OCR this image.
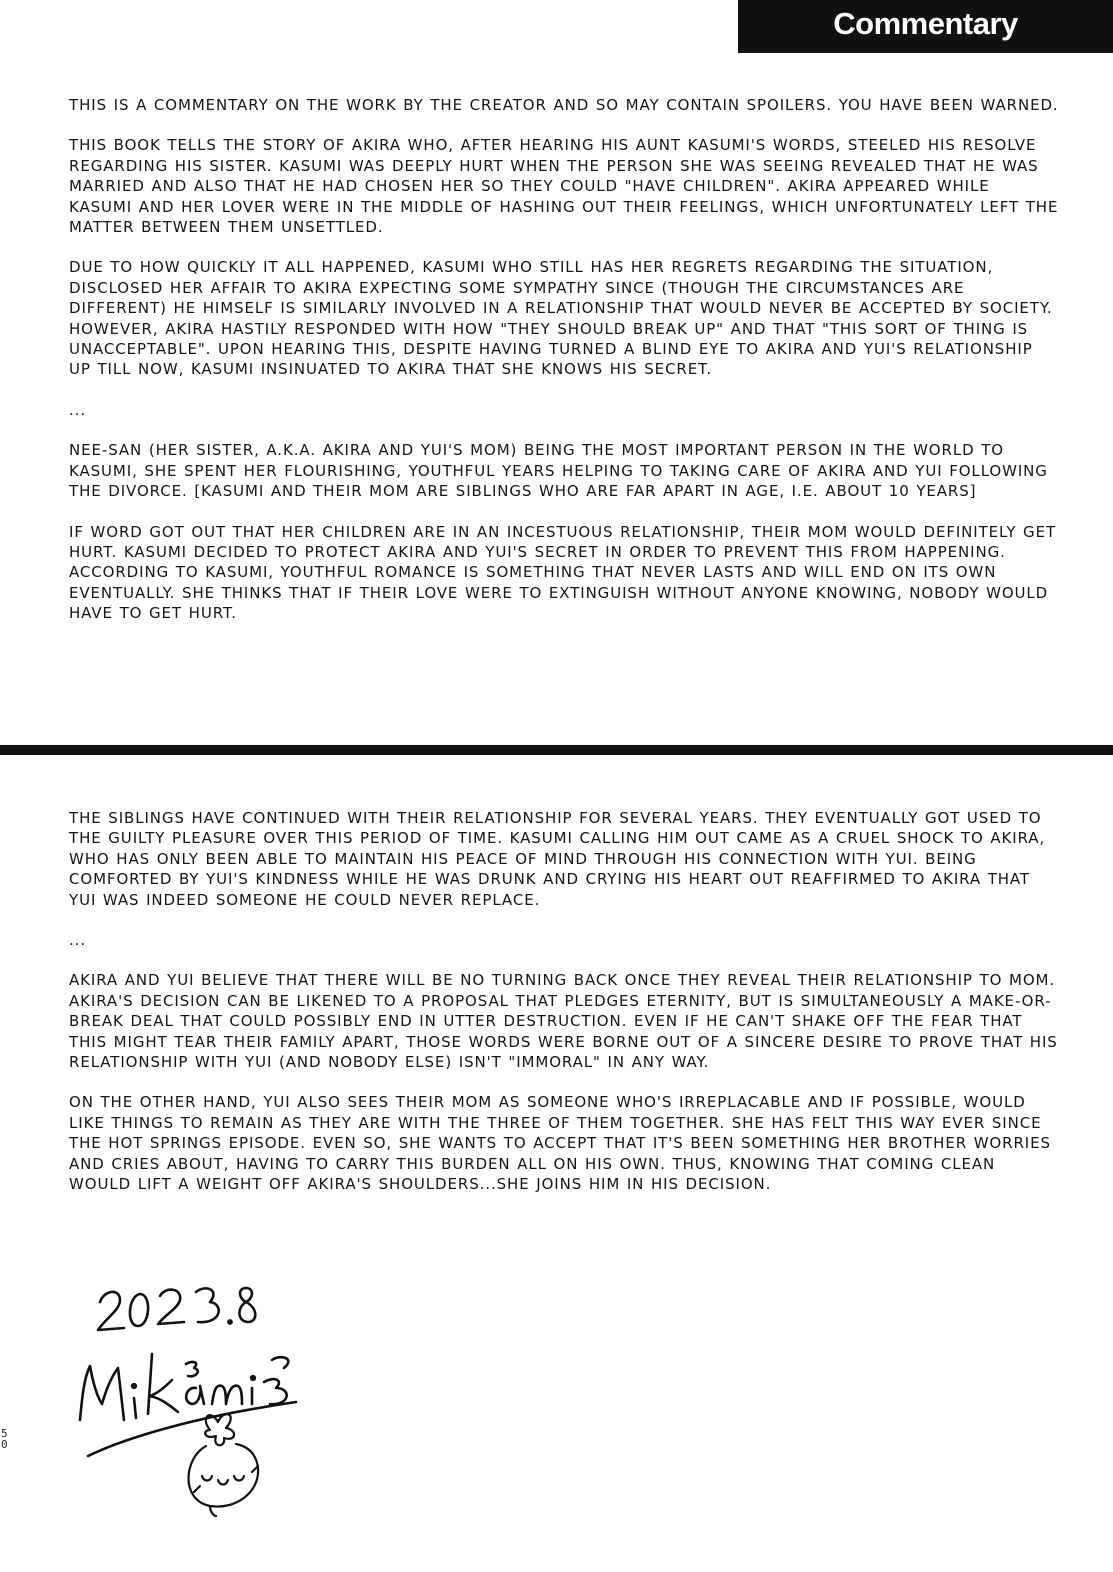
Commentary

THIS IS A COMMENTARY ON THE WORK BY THE CREATOR AND SO MAY CONTAIN SPOILERS. YOU HAVE BEEN WARNED.

THIS BOOK TELLS THE STORY OF AKIRA WHO, AFTER HEARING HIS AUNT KASUMI'S WORDS, STEELED HIS RESOLVE REGARDING HIS SISTER. KASUMI WAS DEEPLY HURT WHEN THE PERSON SHE WAS SEEING REVEALED THAT HE WAS MARRIED AND ALSO THAT HE HAD CHOSEN HER SO THEY COULD "HAVE CHILDREN". AKIRA APPEARED WHILE KASUMI AND HER LOVER WERE IN THE MIDDLE OF HASHING OUT THEIR FEELINGS, WHICH UNFORTUNATELY LEFT THE MATTER BETWEEN THEM UNSETTLED.

DUE TO HOW QUICKLY IT ALL HAPPENED, KASUMI WHO STILL HAS HER REGRETS REGARDING THE SITUATION, DISCLOSED HER AFFAIR TO AKIRA EXPECTING SOME SYMPATHY SINCE (THOUGH THE CIRCUMSTANCES ARE DIFFERENT) HE HIMSELF IS SIMILARLY INVOLVED IN A RELATIONSHIP THAT WOULD NEVER BE ACCEPTED BY SOCIETY. HOWEVER, AKIRA HASTILY RESPONDED WITH HOW "THEY SHOULD BREAK UP" AND THAT "THIS SORT OF THING IS UNACCEPTABLE". UPON HEARING THIS, DESPITE HAVING TURNED A BLIND EYE TO AKIRA AND YUI'S RELATIONSHIP UP TILL NOW, KASUMI INSINUATED TO AKIRA THAT SHE KNOWS HIS SECRET.

...

NEE-SAN (HER SISTER, A.K.A. AKIRA AND YUI'S MOM) BEING THE MOST IMPORTANT PERSON IN THE WORLD TO KASUMI, SHE SPENT HER FLOURISHING, YOUTHFUL YEARS HELPING TO TAKING CARE OF AKIRA AND YUI FOLLOWING THE DIVORCE. [KASUMI AND THEIR MOM ARE SIBLINGS WHO ARE FAR APART IN AGE, I.E. ABOUT 10 YEARS]

IF WORD GOT OUT THAT HER CHILDREN ARE IN AN INCESTUOUS RELATIONSHIP, THEIR MOM WOULD DEFINITELY GET HURT. KASUMI DECIDED TO PROTECT AKIRA AND YUI'S SECRET IN ORDER TO PREVENT THIS FROM HAPPENING. ACCORDING TO KASUMI, YOUTHFUL ROMANCE IS SOMETHING THAT NEVER LASTS AND WILL END ON ITS OWN EVENTUALLY. SHE THINKS THAT IF THEIR LOVE WERE TO EXTINGUISH WITHOUT ANYONE KNOWING, NOBODY WOULD HAVE TO GET HURT.

THE SIBLINGS HAVE CONTINUED WITH THEIR RELATIONSHIP FOR SEVERAL YEARS. THEY EVENTUALLY GOT USED TO THE GUILTY PLEASURE OVER THIS PERIOD OF TIME. KASUMI CALLING HIM OUT CAME AS A CRUEL SHOCK TO AKIRA, WHO HAS ONLY BEEN ABLE TO MAINTAIN HIS PEACE OF MIND THROUGH HIS CONNECTION WITH YUI. BEING COMFORTED BY YUI'S KINDNESS WHILE HE WAS DRUNK AND CRYING HIS HEART OUT REAFFIRMED TO AKIRA THAT YUI WAS INDEED SOMEONE HE COULD NEVER REPLACE.

...

AKIRA AND YUI BELIEVE THAT THERE WILL BE NO TURNING BACK ONCE THEY REVEAL THEIR RELATIONSHIP TO MOM. AKIRA'S DECISION CAN BE LIKENED TO A PROPOSAL THAT PLEDGES ETERNITY, BUT IS SIMULTANEOUSLY A MAKE-OR-BREAK DEAL THAT COULD POSSIBLY END IN UTTER DESTRUCTION. EVEN IF HE CAN'T SHAKE OFF THE FEAR THAT THIS MIGHT TEAR THEIR FAMILY APART, THOSE WORDS WERE BORNE OUT OF A SINCERE DESIRE TO PROVE THAT HIS RELATIONSHIP WITH YUI (AND NOBODY ELSE) ISN'T "IMMORAL" IN ANY WAY.

ON THE OTHER HAND, YUI ALSO SEES THEIR MOM AS SOMEONE WHO'S IRREPLACABLE AND IF POSSIBLE, WOULD LIKE THINGS TO REMAIN AS THEY ARE WITH THE THREE OF THEM TOGETHER. SHE HAS FELT THIS WAY EVER SINCE THE HOT SPRINGS EPISODE. EVEN SO, SHE WANTS TO ACCEPT THAT IT'S BEEN SOMETHING HER BROTHER WORRIES AND CRIES ABOUT, HAVING TO CARRY THIS BURDEN ALL ON HIS OWN. THUS, KNOWING THAT COMING CLEAN WOULD LIFT A WEIGHT OFF AKIRA'S SHOULDERS...SHE JOINS HIM IN HIS DECISION.

5
0
